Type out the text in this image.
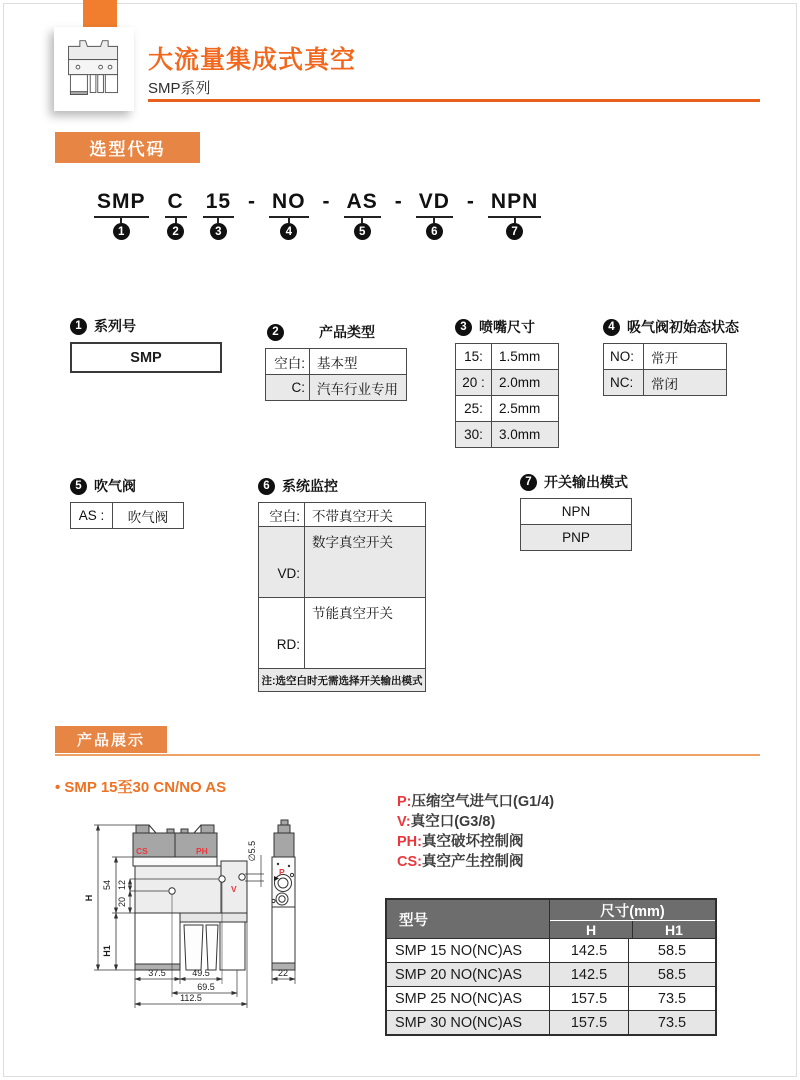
大流量集成式真空
SMP系列
选型代码
SMP
1
C
2
15
3
- NO
4
- AS
5
- VD
6
- NPN
7
1 系列号
SMP
2	产品类型
空白: 基本型
C: 汽车行业专用
3 喷嘴尺寸
15:	1.5mm
20 :	2.0mm
25:	2.5mm
30:	3.0mm
4 吸气阀初始态状态
NO:	常开
NC:	常闭
5 吹气阀
AS :	吹气阀
6 系统监控
空白: 不带真空开关
VD:
数字真空开关
RD:
节能真空开关
注:选空白时无需选择开关输出模式
7 开关输出模式
NPN
PNP
产品展示
• SMP 15至30 CN/NO AS
P:压缩空气进气口(G1/4)
V:真空口(G3/8)
PH:真空破坏控制阀
CS:真空产生控制阀
H
54 12
20
H1
∅5.5
37.5	49.5
69.5
112.5
22
CS	PH
V
P
型号
尺寸(mm)
H	H1
SMP 15 NO(NC)AS	142.5	58.5
SMP 20 NO(NC)AS	142.5	58.5
SMP 25 NO(NC)AS	157.5	73.5
SMP 30 NO(NC)AS	157.5	73.5
